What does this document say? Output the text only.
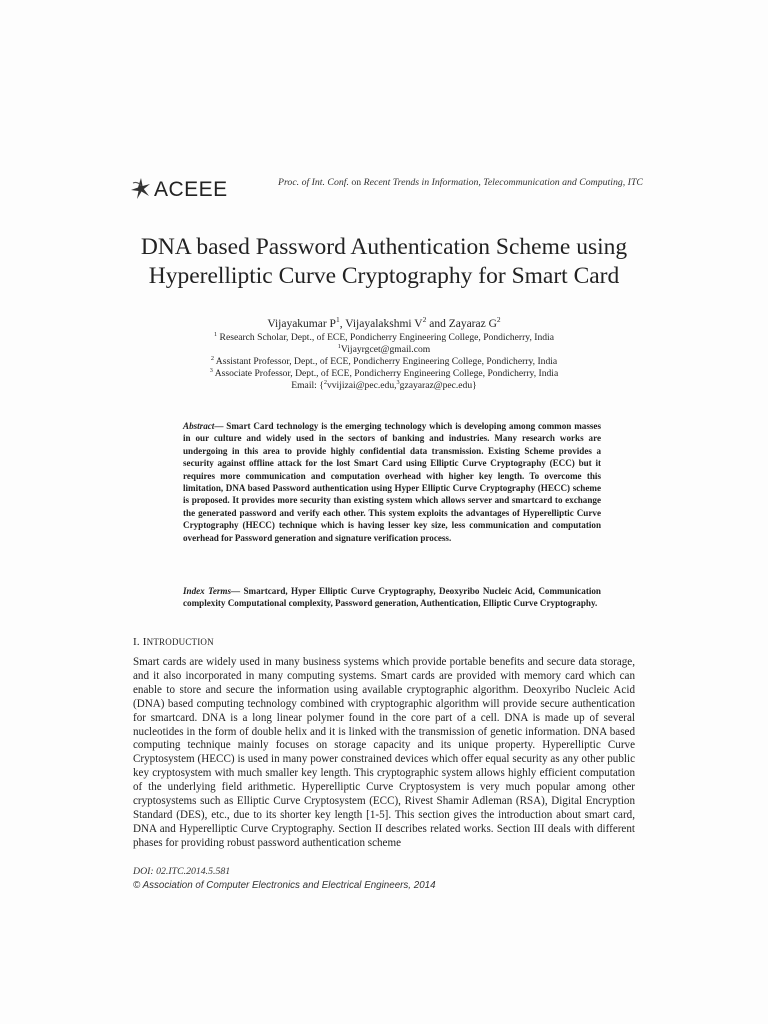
ACEEE	Proc. of Int. Conf. on Recent Trends in Information, Telecommunication and Computing, ITC
DNA based Password Authentication Scheme using
Hyperelliptic Curve Cryptography for Smart Card
Vijayakumar $P^1$, Vijayalakshmi $V^2$ and Zayaraz $G^2$
$^1$ Research Scholar, Dept., of ECE, Pondicherry Engineering College, Pondicherry, India
$^1$Vijayrgcet@gmail.com
$^2$ Assistant Professor, Dept., of ECE, Pondicherry Engineering College, Pondicherry, India
$^3$ Associate Professor, Dept., of ECE, Pondicherry Engineering College, Pondicherry, India
Email: {$^2$vvijizai@pec.edu,$^3$gzayaraz@pec.edu}
Abstract— Smart Card technology is the emerging technology which is developing among common masses in our culture and widely used in the sectors of banking and industries. Many research works are undergoing in this area to provide highly confidential data transmission. Existing Scheme provides a security against offline attack for the lost Smart Card using Elliptic Curve Cryptography (ECC) but it requires more communication and computation overhead with higher key length. To overcome this limitation, DNA based Password authentication using Hyper Elliptic Curve Cryptography (HECC) scheme is proposed. It provides more security than existing system which allows server and smartcard to exchange the generated password and verify each other. This system exploits the advantages of Hyperelliptic Curve Cryptography (HECC) technique which is having lesser key size, less communication and computation overhead for Password generation and signature verification process.
Index Terms— Smartcard, Hyper Elliptic Curve Cryptography, Deoxyribo Nucleic Acid, Communication complexity Computational complexity, Password generation, Authentication, Elliptic Curve Cryptography.
I. INTRODUCTION
Smart cards are widely used in many business systems which provide portable benefits and secure data storage, and it also incorporated in many computing systems. Smart cards are provided with memory card which can enable to store and secure the information using available cryptographic algorithm. Deoxyribo Nucleic Acid (DNA) based computing technology combined with cryptographic algorithm will provide secure authentication for smartcard. DNA is a long linear polymer found in the core part of a cell. DNA is made up of several nucleotides in the form of double helix and it is linked with the transmission of genetic information. DNA based computing technique mainly focuses on storage capacity and its unique property. Hyperelliptic Curve Cryptosystem (HECC) is used in many power constrained devices which offer equal security as any other public key cryptosystem with much smaller key length. This cryptographic system allows highly efficient computation of the underlying field arithmetic. Hyperelliptic Curve Cryptosystem is very much popular among other cryptosystems such as Elliptic Curve Cryptosystem (ECC), Rivest Shamir Adleman (RSA), Digital Encryption Standard (DES), etc., due to its shorter key length [1-5]. This section gives the introduction about smart card, DNA and Hyperelliptic Curve Cryptography. Section II describes related works. Section III deals with different phases for providing robust password authentication scheme
DOI: 02.ITC.2014.5.581
© Association of Computer Electronics and Electrical Engineers, 2014
